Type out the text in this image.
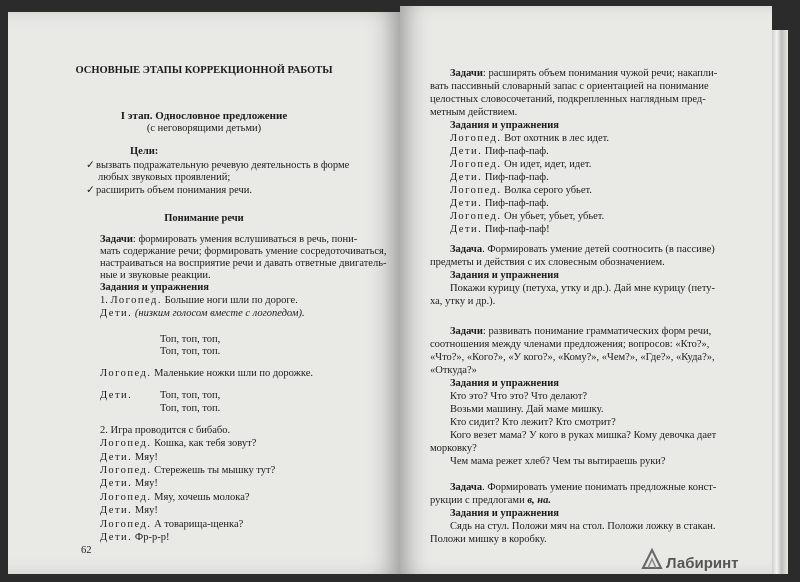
ОСНОВНЫЕ ЭТАПЫ КОРРЕКЦИОННОЙ РАБОТЫ
I этап. Однословное предложение
(с неговорящими детьми)
Цели:
✓вызвать подражательную речевую деятельность в форме
любых звуковых проявлений;
✓расширить объем понимания речи.
Понимание речи
Задачи: формировать умения вслушиваться в речь, пони-
мать содержание речи; формировать умение сосредоточиваться,
настраиваться на восприятие речи и давать ответные двигатель-
ные и звуковые реакции.
Задания и упражнения
1. Логопед. Большие ноги шли по дороге.
Дети. (низким голосом вместе с логопедом).
Топ, топ, топ,
Топ, топ, топ.
Логопед. Маленькие ножки шли по дорожке.
Дети.	Топ, топ, топ,
Топ, топ, топ.
2. Игра проводится с бибабо.
Логопед. Кошка, как тебя зовут?
Дети. Мяу!
Логопед. Стережешь ты мышку тут?
Дети. Мяу!
Логопед. Мяу, хочешь молока?
Дети. Мяу!
Логопед. А товарища-щенка?
Дети. Фр-р-р!
62
Задачи: расширять объем понимания чужой речи; накапли-
вать пассивный словарный запас с ориентацией на понимание
целостных словосочетаний, подкрепленных наглядным пред-
метным действием.
Задания и упражнения
Логопед. Вот охотник в лес идет.
Дети. Пиф-паф-паф.
Логопед. Он идет, идет, идет.
Дети. Пиф-паф-паф.
Логопед. Волка серого убьет.
Дети. Пиф-паф-паф.
Логопед. Он убьет, убьет, убьет.
Дети. Пиф-паф-паф!
Задача. Формировать умение детей соотносить (в пассиве)
предметы и действия с их словесным обозначением.
Задания и упражнения
Покажи курицу (петуха, утку и др.). Дай мне курицу (пету-
ха, утку и др.).
Задачи: развивать понимание грамматических форм речи,
соотношения между членами предложения; вопросов: «Кто?»,
«Что?», «Кого?», «У кого?», «Кому?», «Чем?», «Где?», «Куда?»,
«Откуда?»
Задания и упражнения
Кто это? Что это? Что делают?
Возьми машину. Дай маме мишку.
Кто сидит? Кто лежит? Кто смотрит?
Кого везет мама? У кого в руках мишка? Кому девочка дает
морковку?
Чем мама режет хлеб? Чем ты вытираешь руки?
Задача. Формировать умение понимать предложные конст-
рукции с предлогами в, на.
Задания и упражнения
Сядь на стул. Положи мяч на стол. Положи ложку в стакан.
Положи мишку в коробку.
Лабиринт
